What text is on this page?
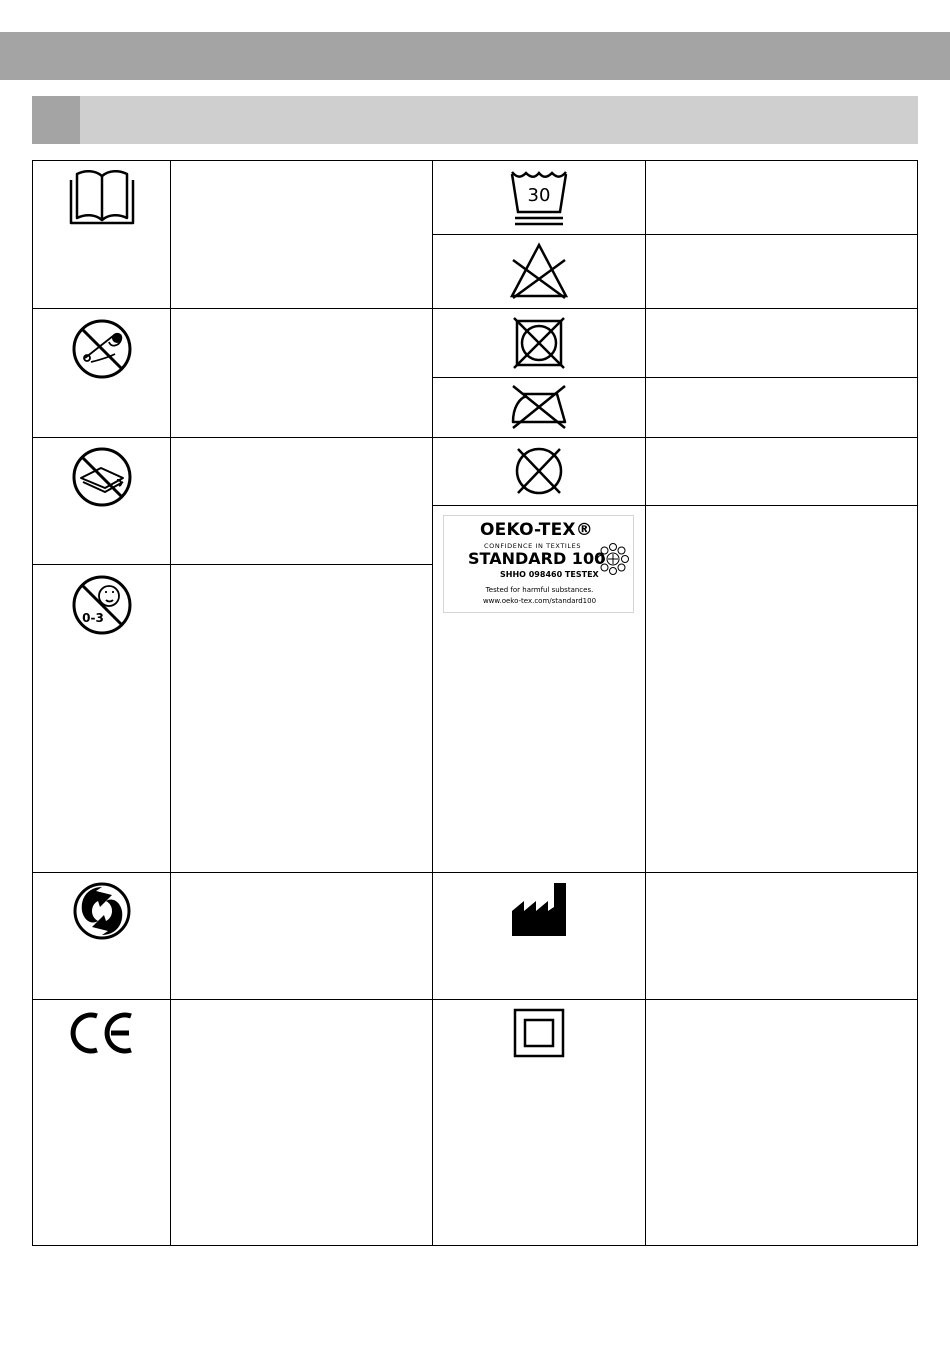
30
OEKO-TEX®
CONFIDENCE IN TEXTILES
STANDARD 100
SHHO 098460 TESTEX
Tested for harmful substances.
www.oeko-tex.com/standard100
0-3
